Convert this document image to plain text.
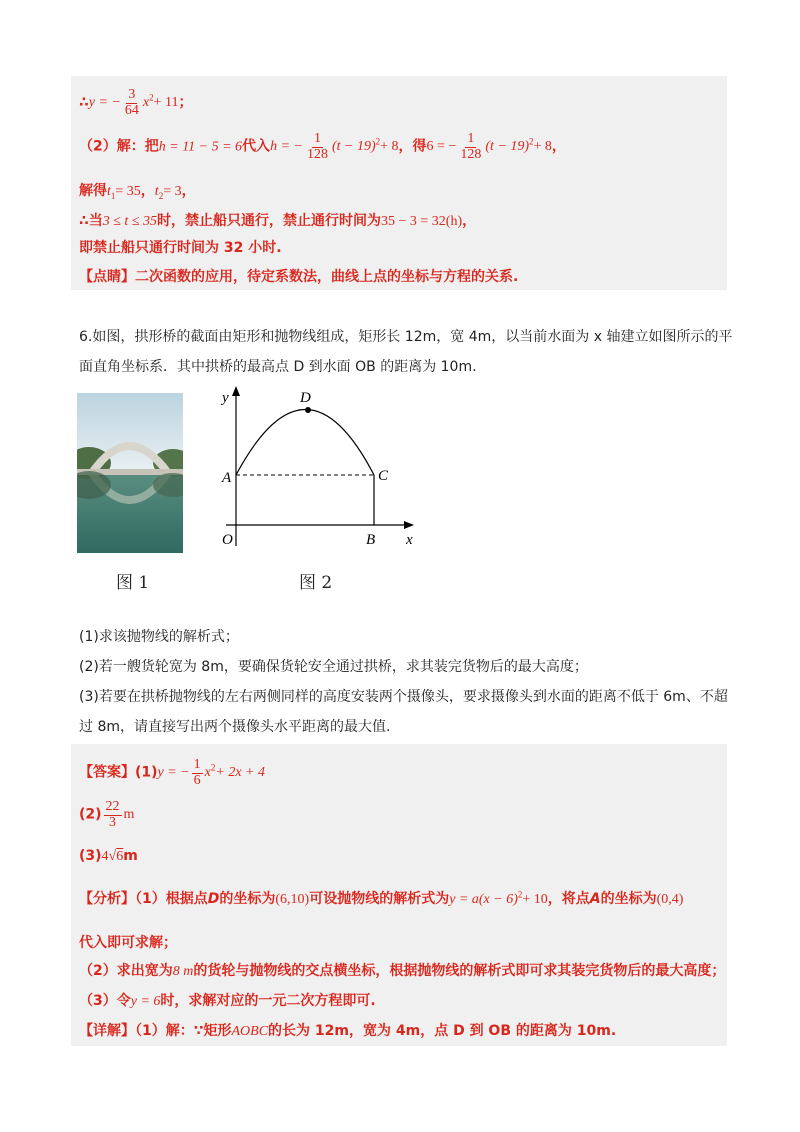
∴y = − $\frac{3}{64} x^2+ 11$；
（2）解：把h = 11 − 5 = 6代入h = − $\frac{1}{128} (t - 19)^2+ 8$，得6 = − $\frac{1}{128} (t - 19)^2+ 8$，
解得$t_1= 35$，$t_2= 3$，
∴当3 ≤ t ≤ 35时，禁止船只通行，禁止通行时间为35 − 3 = 32(h)，
即禁止船只通行时间为 32 小时.
【点睛】二次函数的应用，待定系数法，曲线上点的坐标与方程的关系.
6.如图，拱形桥的截面由矩形和抛物线组成，矩形长 12m，宽 4m，以当前水面为 x 轴建立如图所示的平
面直角坐标系．其中拱桥的最高点 D 到水面 OB 的距离为 10m.
图 1
y
x
D
A	C
O	B
图 2
(1)求该抛物线的解析式；
(2)若一艘货轮宽为 8m，要确保货轮安全通过拱桥，求其装完货物后的最大高度；
(3)若要在拱桥抛物线的左右两侧同样的高度安装两个摄像头，要求摄像头到水面的距离不低于 6m、不超
过 8m，请直接写出两个摄像头水平距离的最大值.
【答案】(1)y = − $\frac{1}{6} x^2+ 2x + 4$
$(2) \frac{22}{3}$ m
(3)4√6m
【分析】（1）根据点D的坐标为(6,10)可设抛物线的解析式为$y = a(x - 6)^2+ 10$，将点A的坐标为(0,4)
代入即可求解；
（2）求出宽为8 m的货轮与抛物线的交点横坐标，根据抛物线的解析式即可求其装完货物后的最大高度；
（3）令y = 6时，求解对应的一元二次方程即可.
【详解】（1）解：∵矩形AOBC的长为 12m，宽为 4m，点 D 到 OB 的距离为 10m.
